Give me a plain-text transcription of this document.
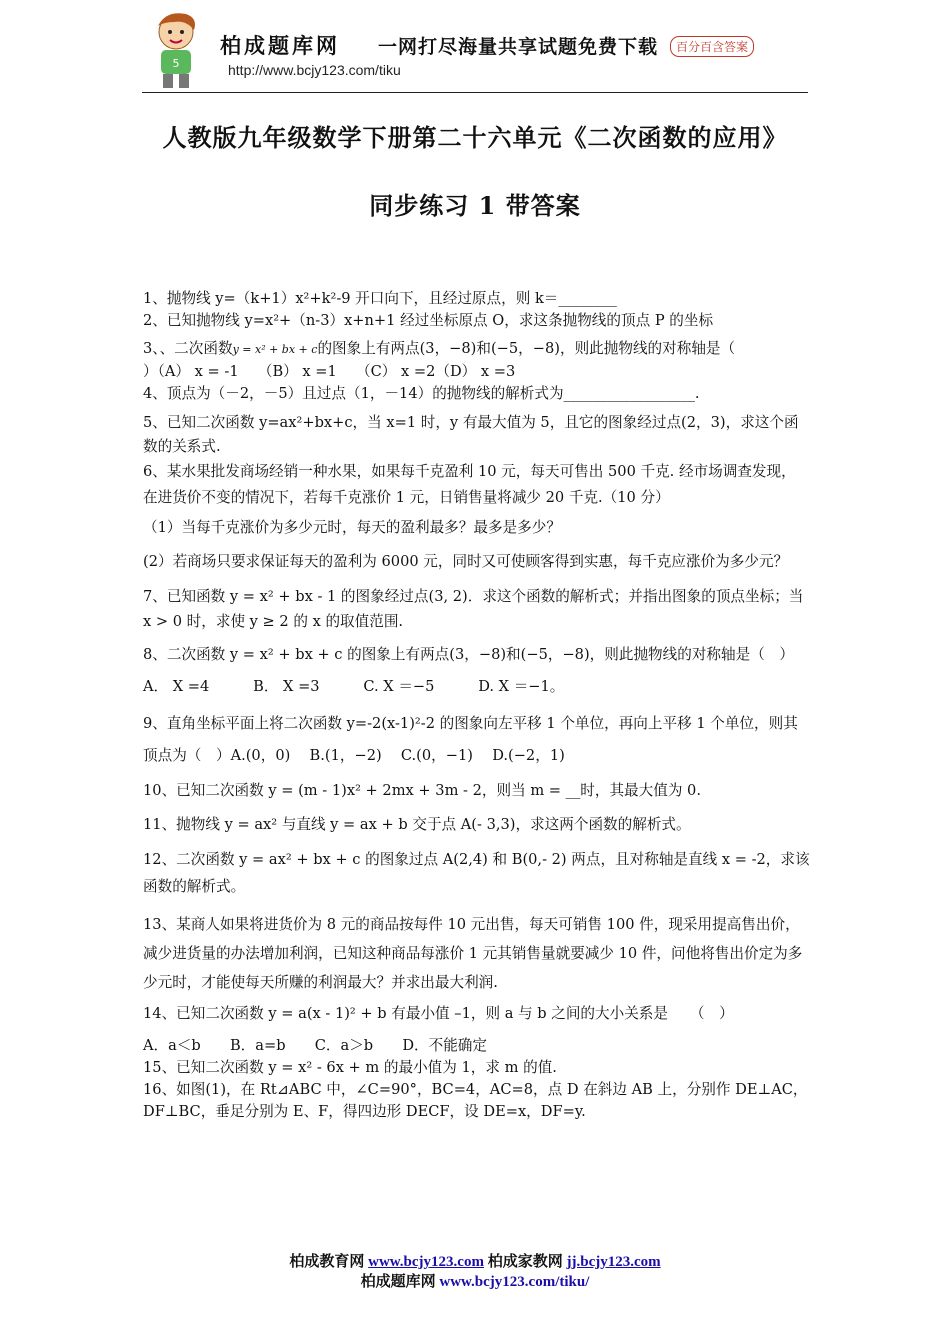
5
柏成题库网 一网打尽海量共享试题免费下载	百分百含答案
http://www.bcjy123.com/tiku
人教版九年级数学下册第二十六单元《二次函数的应用》
同步练习 1 带答案

1、抛物线 y=（k+1）x²+k²-9 开口向下，且经过原点，则 k＝________

2、已知抛物线 y=x²+（n-3）x+n+1 经过坐标原点 O，求这条抛物线的顶点 P 的坐标

3、、二次函数y = x² + bx + c的图象上有两点(3，−8)和(−5，−8)，则此抛物线的对称轴是（

）（A） x = -1　 （B） x =1　 （C） x =2（D） x =3

4、顶点为（－2，－5）且过点（1，－14）的抛物线的解析式为__________________.

5、已知二次函数 y=ax²+bx+c，当 x=1 时，y 有最大值为 5，且它的图象经过点(2，3)，求这个函数的关系式.

6、某水果批发商场经销一种水果，如果每千克盈利 10 元，每天可售出 500 千克. 经市场调查发现， 在进货价不变的情况下，若每千克涨价 1 元，日销售量将减少 20 千克.（10 分）

（1）当每千克涨价为多少元时，每天的盈利最多？最多是多少？

(2）若商场只要求保证每天的盈利为 6000 元，同时又可使顾客得到实惠，每千克应涨价为多少元？

7、已知函数 y = x² + bx - 1 的图象经过点(3, 2)．求这个函数的解析式；并指出图象的顶点坐标；当 x > 0 时，求使 y ≥ 2 的 x 的取值范围.

8、二次函数 y = x² + bx + c 的图象上有两点(3，−8)和(−5，−8)，则此抛物线的对称轴是（　）

A． X =4　　　B． X =3　　　C. X ＝−5　　　D. X ＝−1。

9、直角坐标平面上将二次函数 y=-2(x-1)²-2 的图象向左平移 1 个单位，再向上平移 1 个单位，则其顶点为（　）A.(0，0)　 B.(1，−2)　 C.(0，−1)　 D.(−2，1)

10、已知二次函数 y = (m - 1)x² + 2mx + 3m - 2，则当 m = __时，其最大值为 0.

11、抛物线 y = ax² 与直线 y = ax + b 交于点 A(- 3,3)，求这两个函数的解析式。

12、二次函数 y = ax² + bx + c 的图象过点 A(2,4) 和 B(0,- 2) 两点，且对称轴是直线 x = -2，求该函数的解析式。

13、某商人如果将进货价为 8 元的商品按每件 10 元出售，每天可销售 100 件，现采用提高售出价，减少进货量的办法增加利润，已知这种商品每涨价 1 元其销售量就要减少 10 件，问他将售出价定为多少元时，才能使每天所赚的利润最大？并求出最大利润.

14、已知二次函数 y = a(x - 1)² + b 有最小值 –1，则 a 与 b 之间的大小关系是　　（　）

A．a＜b　　B．a=b　　C．a＞b　　D．不能确定

15、已知二次函数 y = x² - 6x + m 的最小值为 1，求 m 的值.

16、如图(1)，在 Rt⊿ABC 中，∠C=90°，BC=4，AC=8，点 D 在斜边 AB 上，分别作 DE⊥AC，DF⊥BC，垂足分别为 E、F，得四边形 DECF，设 DE=x，DF=y.

柏成教育网 www.bcjy123.com 柏成家教网 jj.bcjy123.com
柏成题库网 www.bcjy123.com/tiku/
